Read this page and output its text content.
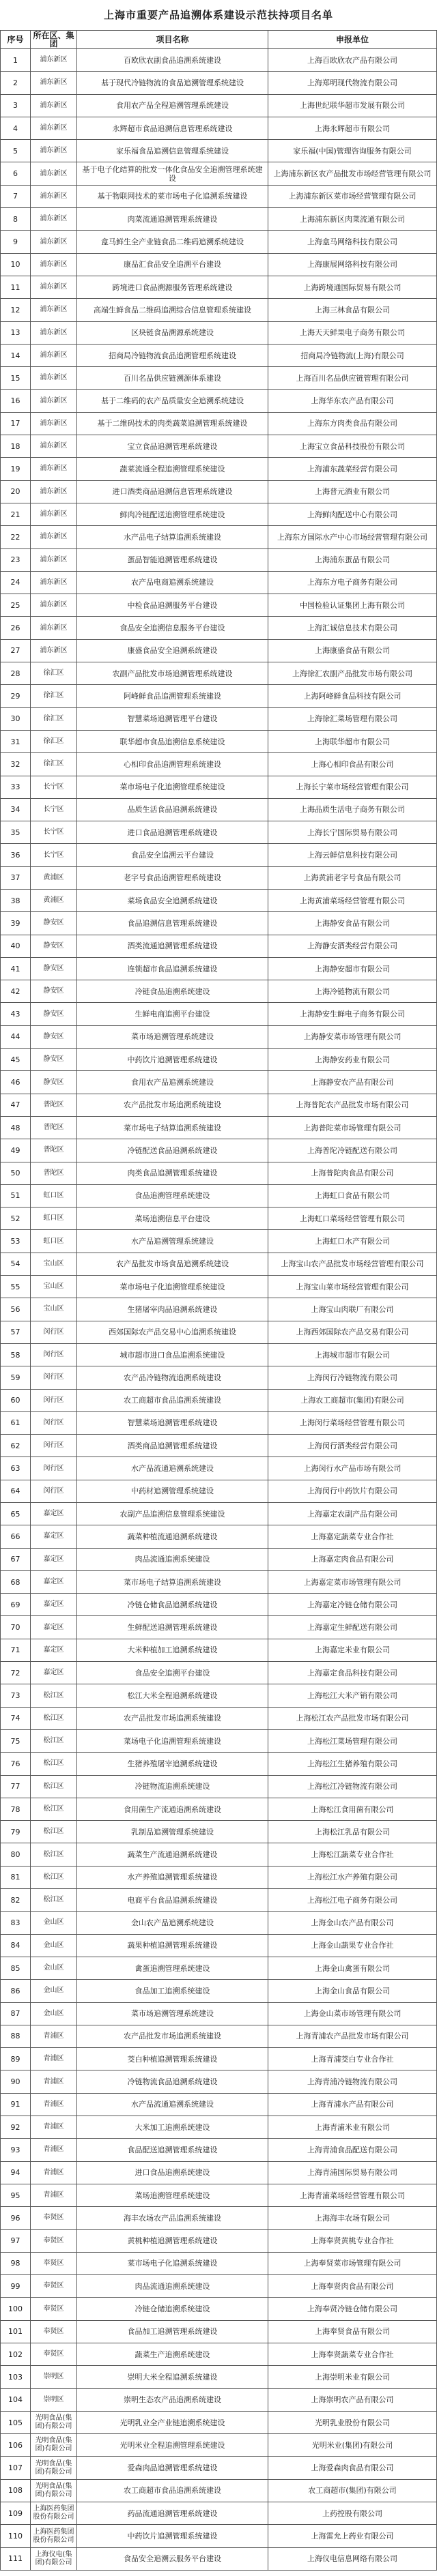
上海市重要产品追溯体系建设示范扶持项目名单
序号	所在区、集团	项目名称	申报单位
1	浦东新区	百欧欣农副食品追溯系统建设	上海百欧欣农产品有限公司
2	浦东新区	基于现代冷链物流的食品追溯管理系统建设	上海郑明现代物流有限公司
3	浦东新区	食用农产品全程追溯管理系统建设	上海世纪联华超市发展有限公司
4	浦东新区	永辉超市食品追溯信息管理系统建设	上海永辉超市有限公司
5	浦东新区	家乐福食品追溯信息管理系统建设	家乐福(中国)管理咨询服务有限公司
6	浦东新区	基于电子化结算的批发一体化食品安全追溯管理系统建设	上海浦东新区农产品批发市场经营管理有限公司
7	浦东新区	基于物联网技术的菜市场电子化追溯系统建设	上海浦东新区菜市场经营管理有限公司
8	浦东新区	肉菜流通追溯管理系统建设	上海浦东新区肉菜流通有限公司
9	浦东新区	盒马鲜生全产业链食品二维码追溯系统建设	上海盒马网络科技有限公司
10	浦东新区	康品汇食品安全追溯平台建设	上海康展网络科技有限公司
11	浦东新区	跨境进口食品溯源服务管理系统建设	上海跨境通国际贸易有限公司
12	浦东新区	高端生鲜食品二维码追溯综合信息管理系统建设	上海三林食品有限公司
13	浦东新区	区块链食品溯源系统建设	上海天天鲜果电子商务有限公司
14	浦东新区	招商局冷链物流食品追溯管理系统建设	招商局冷链物流(上海)有限公司
15	浦东新区	百川名品供应链溯源体系建设	上海百川名品供应链管理有限公司
16	浦东新区	基于二维码的农产品质量安全追溯系统建设	上海华东农产品有限公司
17	浦东新区	基于二维码技术的肉类蔬菜追溯管理系统建设	上海东方肉类食品有限公司
18	浦东新区	宝立食品追溯管理系统建设	上海宝立食品科技股份有限公司
19	浦东新区	蔬菜流通全程追溯管理系统建设	上海浦东蔬菜经营有限公司
20	浦东新区	进口酒类商品追溯信息管理系统建设	上海普元酒业有限公司
21	浦东新区	鲜肉冷链配送追溯管理系统建设	上海鲜肉配送中心有限公司
22	浦东新区	水产品电子结算追溯系统建设	上海东方国际水产中心市场经营管理有限公司
23	浦东新区	蛋品智能追溯管理系统建设	上海浦东蛋品有限公司
24	浦东新区	农产品电商追溯系统建设	上海东方电子商务有限公司
25	浦东新区	中检食品追溯服务平台建设	中国检验认证集团上海有限公司
26	浦东新区	食品安全追溯信息服务平台建设	上海汇诚信息技术有限公司
27	浦东新区	康盛食品安全追溯系统建设	上海康盛食品有限公司
28	徐汇区	农副产品批发市场追溯管理系统建设	上海徐汇农副产品批发市场有限公司
29	徐汇区	阿峰鲜食品追溯管理系统建设	上海阿峰鲜食品科技有限公司
30	徐汇区	智慧菜场追溯管理平台建设	上海徐汇菜场管理有限公司
31	徐汇区	联华超市食品追溯信息系统建设	上海联华超市有限公司
32	徐汇区	心相印食品追溯管理系统建设	上海心相印食品有限公司
33	长宁区	菜市场电子化追溯管理系统建设	上海长宁菜市场经营管理有限公司
34	长宁区	品质生活食品追溯系统建设	上海品质生活电子商务有限公司
35	长宁区	进口食品追溯管理系统建设	上海长宁国际贸易有限公司
36	长宁区	食品安全追溯云平台建设	上海云鲜信息科技有限公司
37	黄浦区	老字号食品追溯管理系统建设	上海黄浦老字号食品有限公司
38	黄浦区	菜场食品安全追溯系统建设	上海黄浦菜场经营管理有限公司
39	静安区	食品追溯信息管理系统建设	上海静安食品有限公司
40	静安区	酒类流通追溯管理系统建设	上海静安酒类经营有限公司
41	静安区	连锁超市食品追溯系统建设	上海静安超市有限公司
42	静安区	冷链食品追溯系统建设	上海冷链物流有限公司
43	静安区	生鲜电商追溯平台建设	上海静安生鲜电子商务有限公司
44	静安区	菜市场追溯管理系统建设	上海静安菜市场管理有限公司
45	静安区	中药饮片追溯管理系统建设	上海静安药业有限公司
46	静安区	食用农产品追溯系统建设	上海静安农产品有限公司
47	普陀区	农产品批发市场追溯系统建设	上海普陀农产品批发市场有限公司
48	普陀区	菜市场电子结算追溯系统建设	上海普陀菜市场管理有限公司
49	普陀区	冷链配送食品追溯系统建设	上海普陀冷链配送有限公司
50	普陀区	肉类食品追溯管理系统建设	上海普陀肉食品有限公司
51	虹口区	食品追溯管理系统建设	上海虹口食品有限公司
52	虹口区	菜场追溯信息平台建设	上海虹口菜场经营管理有限公司
53	虹口区	水产品追溯管理系统建设	上海虹口水产有限公司
54	宝山区	农产品批发市场食品追溯系统建设	上海宝山农产品批发市场经营管理有限公司
55	宝山区	菜市场电子化追溯管理系统建设	上海宝山菜市场经营管理有限公司
56	宝山区	生猪屠宰肉品追溯系统建设	上海宝山肉联厂有限公司
57	闵行区	西郊国际农产品交易中心追溯系统建设	上海西郊国际农产品交易有限公司
58	闵行区	城市超市进口食品追溯系统建设	上海城市超市有限公司
59	闵行区	农产品冷链物流追溯系统建设	上海闵行冷链物流有限公司
60	闵行区	农工商超市食品追溯系统建设	上海农工商超市(集团)有限公司
61	闵行区	智慧菜场追溯管理系统建设	上海闵行菜场经营管理有限公司
62	闵行区	酒类商品追溯管理系统建设	上海闵行酒类经营有限公司
63	闵行区	水产品流通追溯系统建设	上海闵行水产品市场有限公司
64	闵行区	中药材追溯管理系统建设	上海闵行中药饮片有限公司
65	嘉定区	农副产品追溯信息管理系统建设	上海嘉定农副产品有限公司
66	嘉定区	蔬菜种植流通追溯系统建设	上海嘉定蔬菜专业合作社
67	嘉定区	肉品流通追溯系统建设	上海嘉定肉食品有限公司
68	嘉定区	菜市场电子结算追溯系统建设	上海嘉定菜市场管理有限公司
69	嘉定区	冷链仓储食品追溯系统建设	上海嘉定冷链仓储有限公司
70	嘉定区	生鲜配送追溯管理系统建设	上海嘉定生鲜配送有限公司
71	嘉定区	大米种植加工追溯系统建设	上海嘉定米业有限公司
72	嘉定区	食品安全追溯平台建设	上海嘉定食品科技有限公司
73	松江区	松江大米全程追溯系统建设	上海松江大米产销有限公司
74	松江区	农产品批发市场追溯系统建设	上海松江农产品批发市场有限公司
75	松江区	菜场电子化追溯管理系统建设	上海松江菜场管理有限公司
76	松江区	生猪养殖屠宰追溯系统建设	上海松江生猪养殖有限公司
77	松江区	冷链物流追溯系统建设	上海松江冷链物流有限公司
78	松江区	食用菌生产流通追溯系统建设	上海松江食用菌有限公司
79	松江区	乳制品追溯管理系统建设	上海松江乳品有限公司
80	松江区	蔬菜生产流通追溯系统建设	上海松江蔬菜专业合作社
81	松江区	水产养殖追溯管理系统建设	上海松江水产养殖有限公司
82	松江区	电商平台食品追溯系统建设	上海松江电子商务有限公司
83	金山区	金山农产品追溯系统建设	上海金山农产品有限公司
84	金山区	蔬果种植追溯管理系统建设	上海金山蔬果专业合作社
85	金山区	禽蛋追溯管理系统建设	上海金山禽蛋有限公司
86	金山区	食品加工追溯系统建设	上海金山食品有限公司
87	金山区	菜市场追溯管理系统建设	上海金山菜市场管理有限公司
88	青浦区	农产品批发市场追溯系统建设	上海青浦农产品批发市场有限公司
89	青浦区	茭白种植追溯管理系统建设	上海青浦茭白专业合作社
90	青浦区	冷链物流食品追溯系统建设	上海青浦冷链物流有限公司
91	青浦区	水产品流通追溯系统建设	上海青浦水产品有限公司
92	青浦区	大米加工追溯系统建设	上海青浦米业有限公司
93	青浦区	食品配送追溯管理系统建设	上海青浦食品配送有限公司
94	青浦区	进口食品追溯系统建设	上海青浦国际贸易有限公司
95	青浦区	菜场追溯管理系统建设	上海青浦菜场经营管理有限公司
96	奉贤区	海丰农场农产品追溯系统建设	上海海丰农场有限公司
97	奉贤区	黄桃种植追溯管理系统建设	上海奉贤黄桃专业合作社
98	奉贤区	菜市场电子化追溯系统建设	上海奉贤菜市场管理有限公司
99	奉贤区	肉品流通追溯系统建设	上海奉贤肉食品有限公司
100	奉贤区	冷链仓储追溯系统建设	上海奉贤冷链仓储有限公司
101	奉贤区	食品加工追溯管理系统建设	上海奉贤食品有限公司
102	奉贤区	蔬菜生产追溯系统建设	上海奉贤蔬菜专业合作社
103	崇明区	崇明大米全程追溯系统建设	上海崇明米业有限公司
104	崇明区	崇明生态农产品追溯系统建设	上海崇明农产品有限公司
105	光明食品(集团)有限公司	光明乳业全产业链追溯系统建设	光明乳业股份有限公司
106	光明食品(集团)有限公司	光明米业全程追溯管理系统建设	光明米业(集团)有限公司
107	光明食品(集团)有限公司	爱森肉品追溯管理系统建设	上海爱森肉食品有限公司
108	光明食品(集团)有限公司	农工商超市食品追溯系统建设	农工商超市(集团)有限公司
109	上海医药集团股份有限公司	药品流通追溯管理系统建设	上药控股有限公司
110	上海医药集团股份有限公司	中药饮片追溯管理系统建设	上海雷允上药业有限公司
111	上海仪电(集团)有限公司	食品安全追溯云服务平台建设	上海仪电信息网络有限公司
